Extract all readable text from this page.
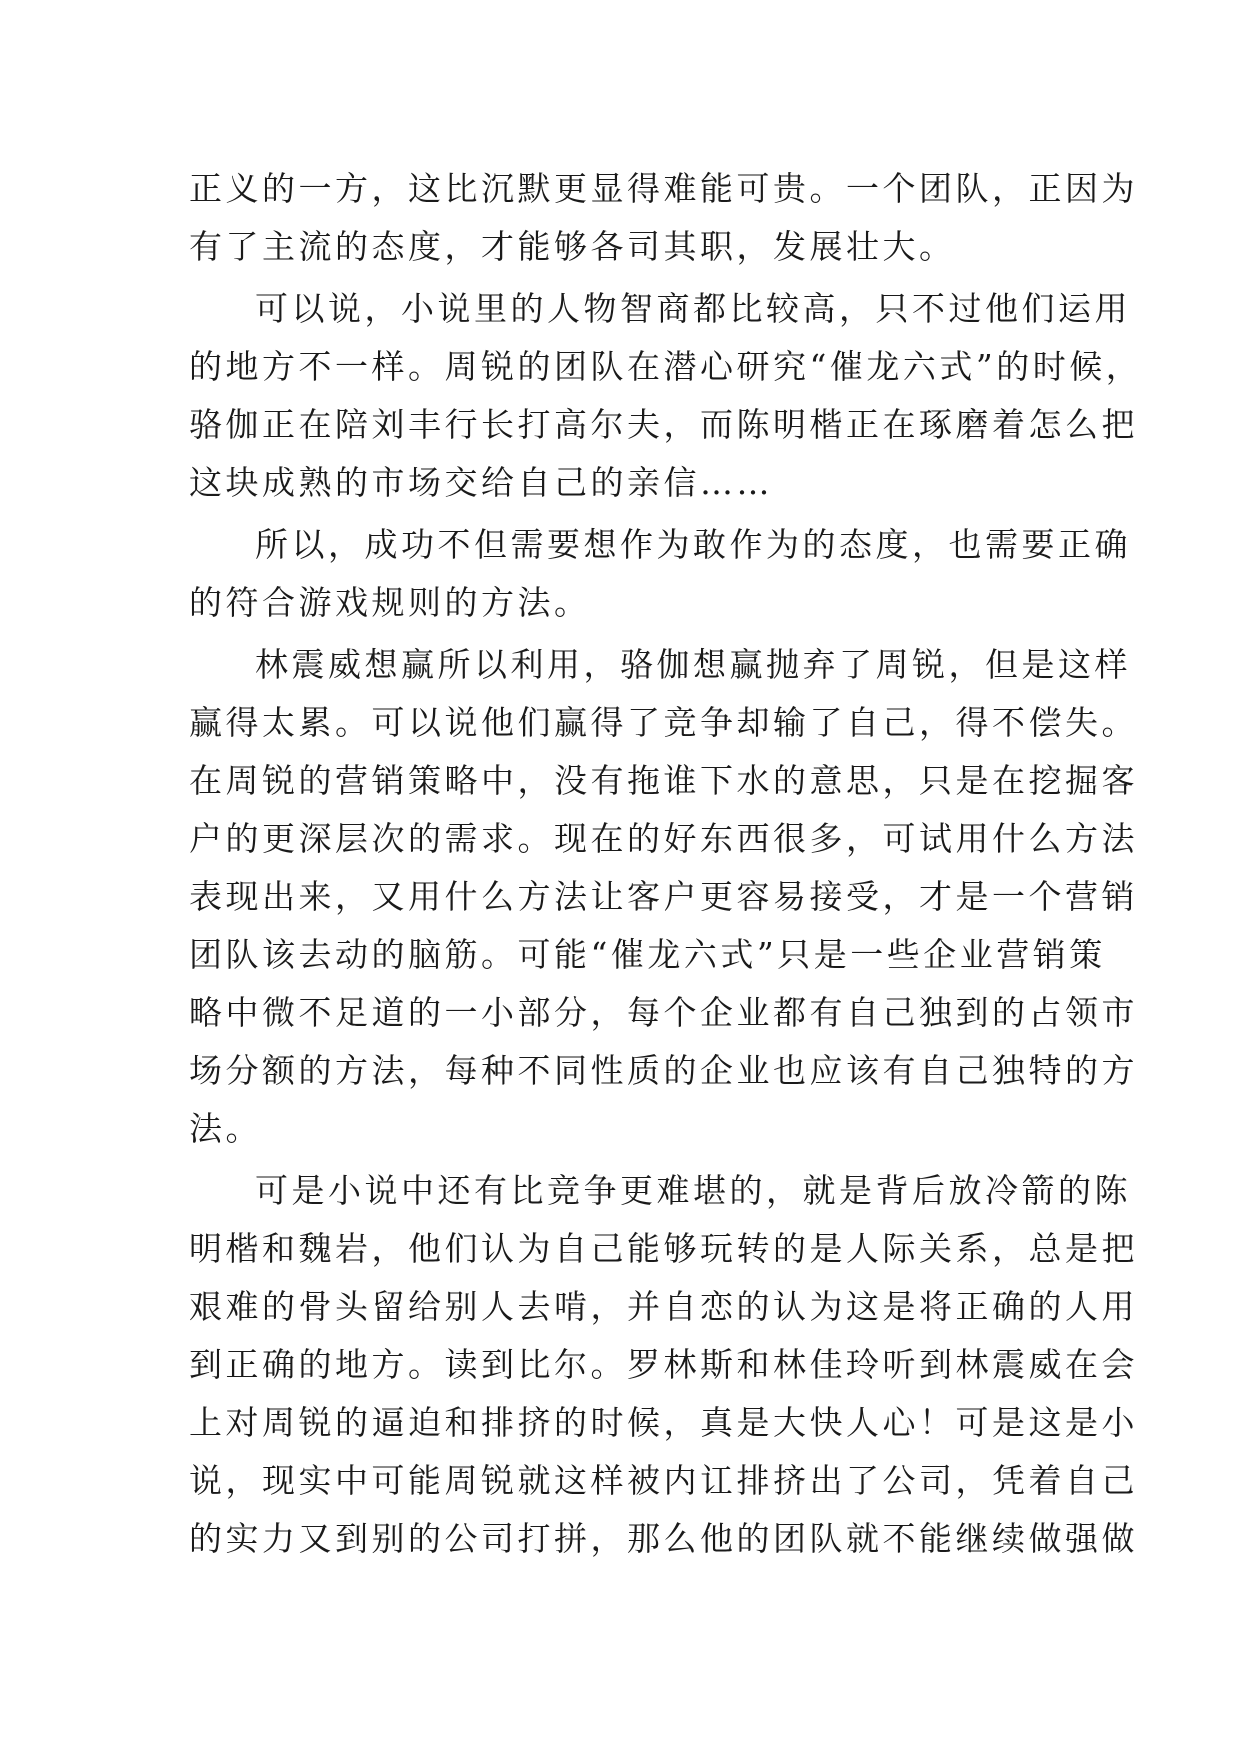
正义的一方，这比沉默更显得难能可贵。一个团队，正因为
有了主流的态度，才能够各司其职，发展壮大。
可以说，小说里的人物智商都比较高，只不过他们运用
的地方不一样。周锐的团队在潜心研究“催龙六式”的时候，
骆伽正在陪刘丰行长打高尔夫，而陈明楷正在琢磨着怎么把
这块成熟的市场交给自己的亲信……
所以，成功不但需要想作为敢作为的态度，也需要正确
的符合游戏规则的方法。
林震威想赢所以利用，骆伽想赢抛弃了周锐，但是这样
赢得太累。可以说他们赢得了竞争却输了自己，得不偿失。
在周锐的营销策略中，没有拖谁下水的意思，只是在挖掘客
户的更深层次的需求。现在的好东西很多，可试用什么方法
表现出来，又用什么方法让客户更容易接受，才是一个营销
团队该去动的脑筋。可能“催龙六式”只是一些企业营销策
略中微不足道的一小部分，每个企业都有自己独到的占领市
场分额的方法，每种不同性质的企业也应该有自己独特的方
法。
可是小说中还有比竞争更难堪的，就是背后放冷箭的陈
明楷和魏岩，他们认为自己能够玩转的是人际关系，总是把
艰难的骨头留给别人去啃，并自恋的认为这是将正确的人用
到正确的地方。读到比尔。罗林斯和林佳玲听到林震威在会
上对周锐的逼迫和排挤的时候，真是大快人心！可是这是小
说，现实中可能周锐就这样被内讧排挤出了公司，凭着自己
的实力又到别的公司打拼，那么他的团队就不能继续做强做
